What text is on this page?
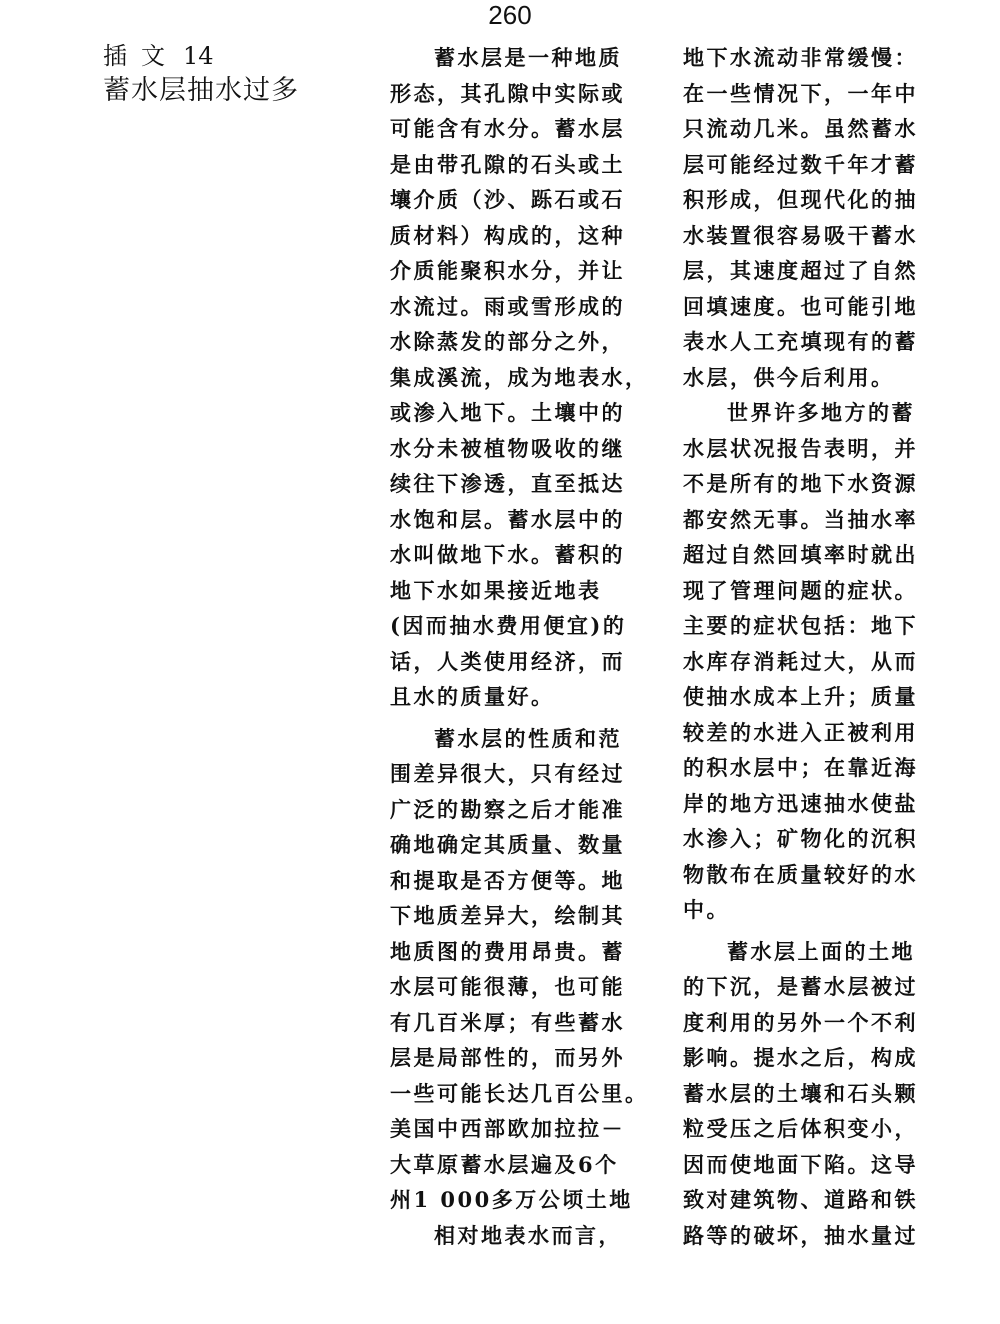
260
插文 14
蓄水层抽水过多
蓄水层是一种地质
形态，其孔隙中实际或
可能含有水分。蓄水层
是由带孔隙的石头或土
壤介质（沙、跞石或石
质材料）构成的，这种
介质能聚积水分，并让
水流过。雨或雪形成的
水除蒸发的部分之外，
集成溪流，成为地表水，
或渗入地下。土壤中的
水分未被植物吸收的继
续往下渗透，直至抵达
水饱和层。蓄水层中的
水叫做地下水。蓄积的
地下水如果接近地表
(因而抽水费用便宜)的
话，人类使用经济，而
且水的质量好。
蓄水层的性质和范
围差异很大，只有经过
广泛的勘察之后才能准
确地确定其质量、数量
和提取是否方便等。地
下地质差异大，绘制其
地质图的费用昂贵。蓄
水层可能很薄，也可能
有几百米厚；有些蓄水
层是局部性的，而另外
一些可能长达几百公里。
美国中西部欧加拉拉－
大草原蓄水层遍及6个
州1 000多万公顷土地
相对地表水而言，
地下水流动非常缓慢：
在一些情况下，一年中
只流动几米。虽然蓄水
层可能经过数千年才蓄
积形成，但现代化的抽
水装置很容易吸干蓄水
层，其速度超过了自然
回填速度。也可能引地
表水人工充填现有的蓄
水层，供今后利用。
世界许多地方的蓄
水层状况报告表明，并
不是所有的地下水资源
都安然无事。当抽水率
超过自然回填率时就出
现了管理问题的症状。
主要的症状包括：地下
水库存消耗过大，从而
使抽水成本上升；质量
较差的水进入正被利用
的积水层中；在靠近海
岸的地方迅速抽水使盐
水渗入；矿物化的沉积
物散布在质量较好的水
中。
蓄水层上面的土地
的下沉，是蓄水层被过
度利用的另外一个不利
影响。提水之后，构成
蓄水层的土壤和石头颗
粒受压之后体积变小，
因而使地面下陷。这导
致对建筑物、道路和铁
路等的破坏，抽水量过
